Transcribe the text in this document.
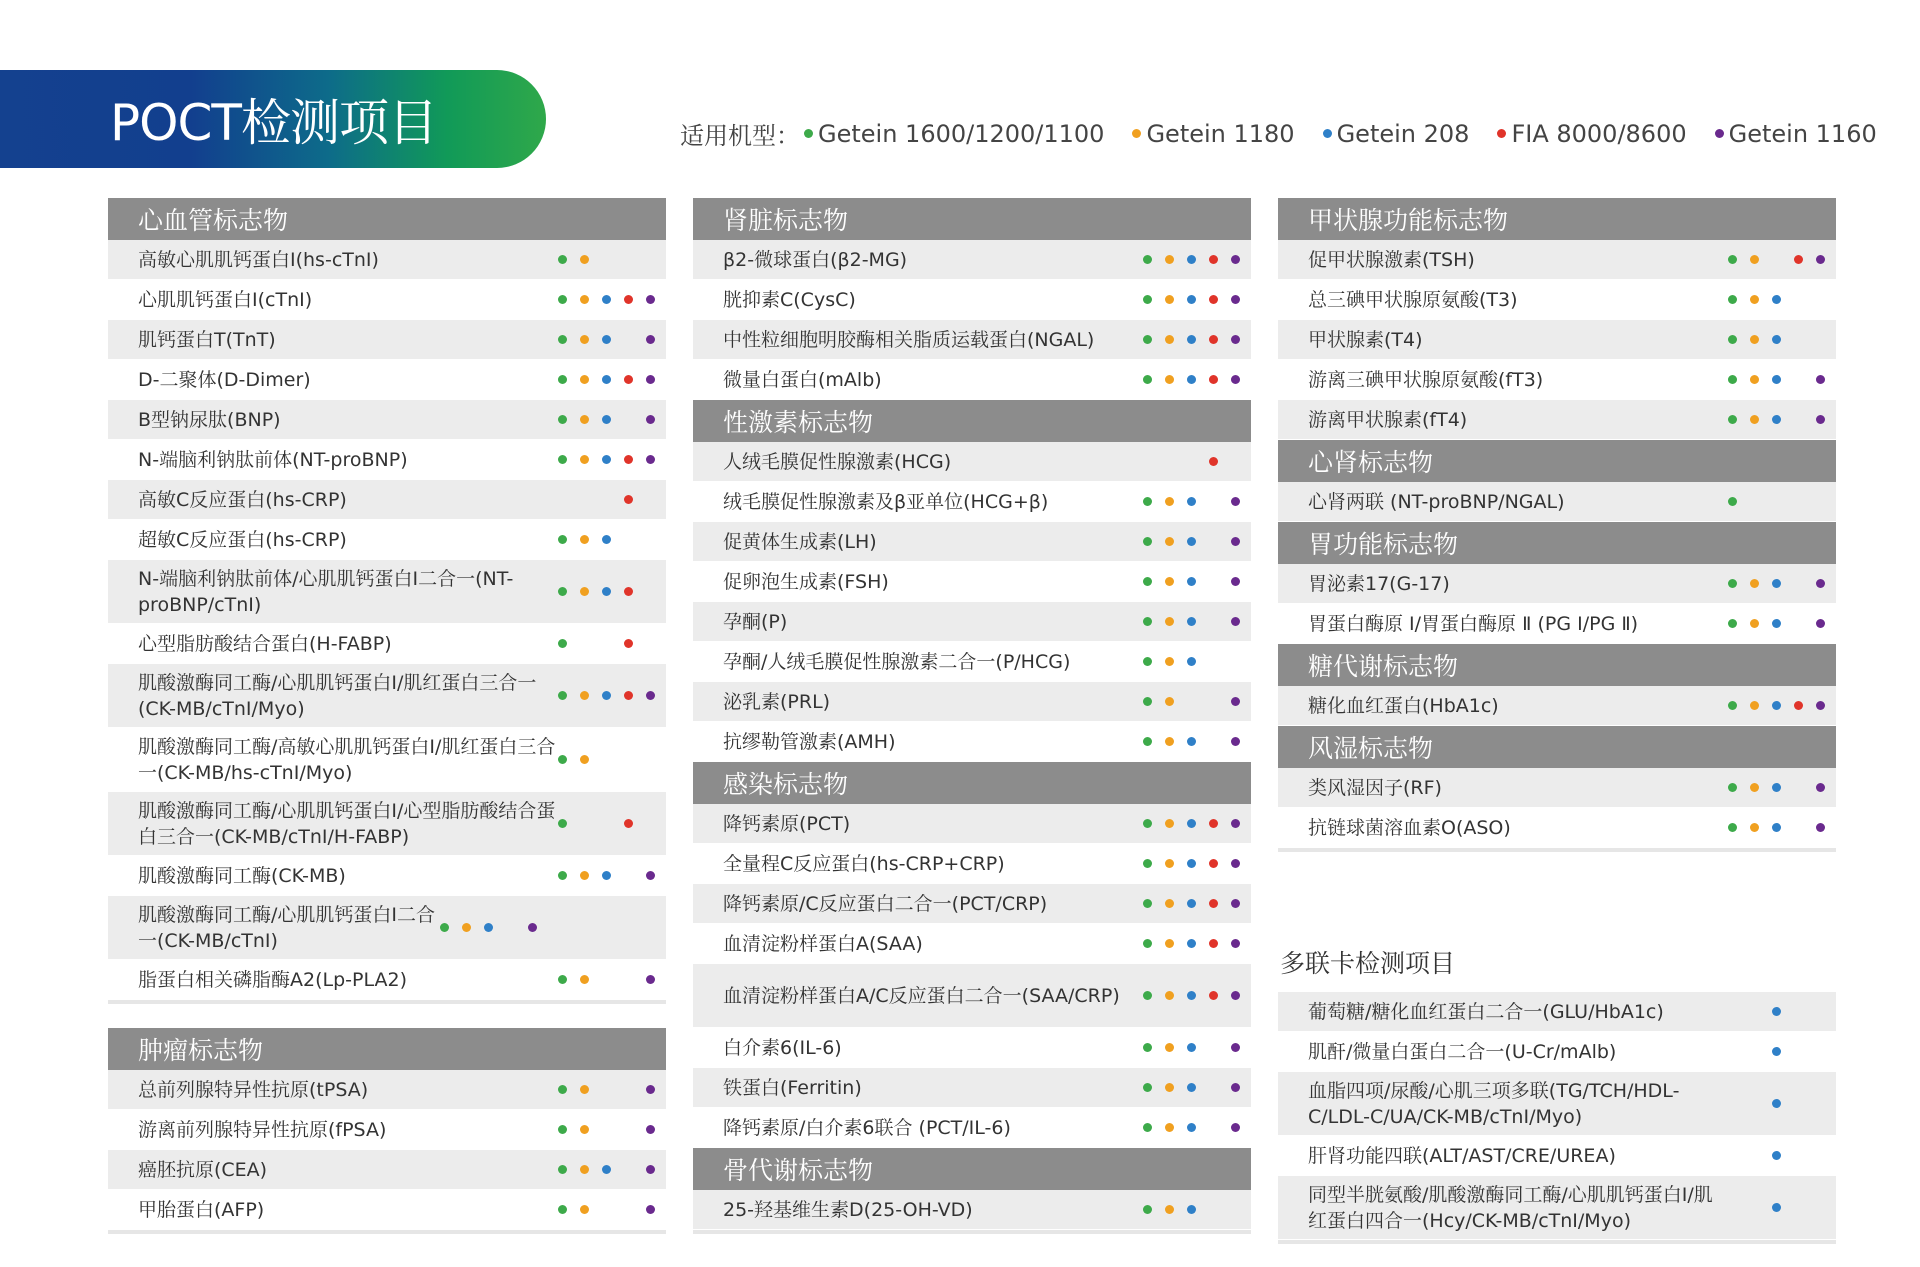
POCT检测项目	适用机型： Getein 1600/1200/1100 Getein 1180 Getein 208 FIA 8000/8600 Getein 1160
心血管标志物
高敏心肌肌钙蛋白I(hs-cTnI)
心肌肌钙蛋白I(cTnI)
肌钙蛋白T(TnT)
D-二聚体(D-Dimer)
B型钠尿肽(BNP)
N-端脑利钠肽前体(NT-proBNP)
高敏C反应蛋白(hs-CRP)
超敏C反应蛋白(hs-CRP)
N-端脑利钠肽前体/心肌肌钙蛋白I二合一(NT-proBNP/cTnI)
心型脂肪酸结合蛋白(H-FABP)
肌酸激酶同工酶/心肌肌钙蛋白I/肌红蛋白三合一(CK-MB/cTnI/Myo)
肌酸激酶同工酶/高敏心肌肌钙蛋白I/肌红蛋白三合一(CK-MB/hs-cTnI/Myo)
肌酸激酶同工酶/心肌肌钙蛋白I/心型脂肪酸结合蛋白三合一(CK-MB/cTnI/H-FABP)
肌酸激酶同工酶(CK-MB)
肌酸激酶同工酶/心肌肌钙蛋白I二合一(CK-MB/cTnI)
脂蛋白相关磷脂酶A2(Lp-PLA2)
肿瘤标志物
总前列腺特异性抗原(tPSA)
游离前列腺特异性抗原(fPSA)
癌胚抗原(CEA)
甲胎蛋白(AFP)
肾脏标志物
β2-微球蛋白(β2-MG)
胱抑素C(CysC)
中性粒细胞明胶酶相关脂质运载蛋白(NGAL)
微量白蛋白(mAlb)
性激素标志物
人绒毛膜促性腺激素(HCG)
绒毛膜促性腺激素及β亚单位(HCG+β)
促黄体生成素(LH)
促卵泡生成素(FSH)
孕酮(P)
孕酮/人绒毛膜促性腺激素二合一(P/HCG)
泌乳素(PRL)
抗缪勒管激素(AMH)
感染标志物
降钙素原(PCT)
全量程C反应蛋白(hs-CRP+CRP)
降钙素原/C反应蛋白二合一(PCT/CRP)
血清淀粉样蛋白A(SAA)
血清淀粉样蛋白A/C反应蛋白二合一(SAA/CRP)
白介素6(IL-6)
铁蛋白(Ferritin)
降钙素原/白介素6联合 (PCT/IL-6)
骨代谢标志物
25-羟基维生素D(25-OH-VD)
甲状腺功能标志物
促甲状腺激素(TSH)
总三碘甲状腺原氨酸(T3)
甲状腺素(T4)
游离三碘甲状腺原氨酸(fT3)
游离甲状腺素(fT4)
心肾标志物
心肾两联 (NT-proBNP/NGAL)
胃功能标志物
胃泌素17(G-17)
胃蛋白酶原 Ⅰ/胃蛋白酶原 Ⅱ (PG Ⅰ/PG Ⅱ)
糖代谢标志物
糖化血红蛋白(HbA1c)
风湿标志物
类风湿因子(RF)
抗链球菌溶血素O(ASO)
多联卡检测项目
葡萄糖/糖化血红蛋白二合一(GLU/HbA1c)
肌酐/微量白蛋白二合一(U-Cr/mAlb)
血脂四项/尿酸/心肌三项多联(TG/TCH/HDL-C/LDL-C/UA/CK-MB/cTnI/Myo)
肝肾功能四联(ALT/AST/CRE/UREA)
同型半胱氨酸/肌酸激酶同工酶/心肌肌钙蛋白I/肌红蛋白四合一(Hcy/CK-MB/cTnI/Myo)
